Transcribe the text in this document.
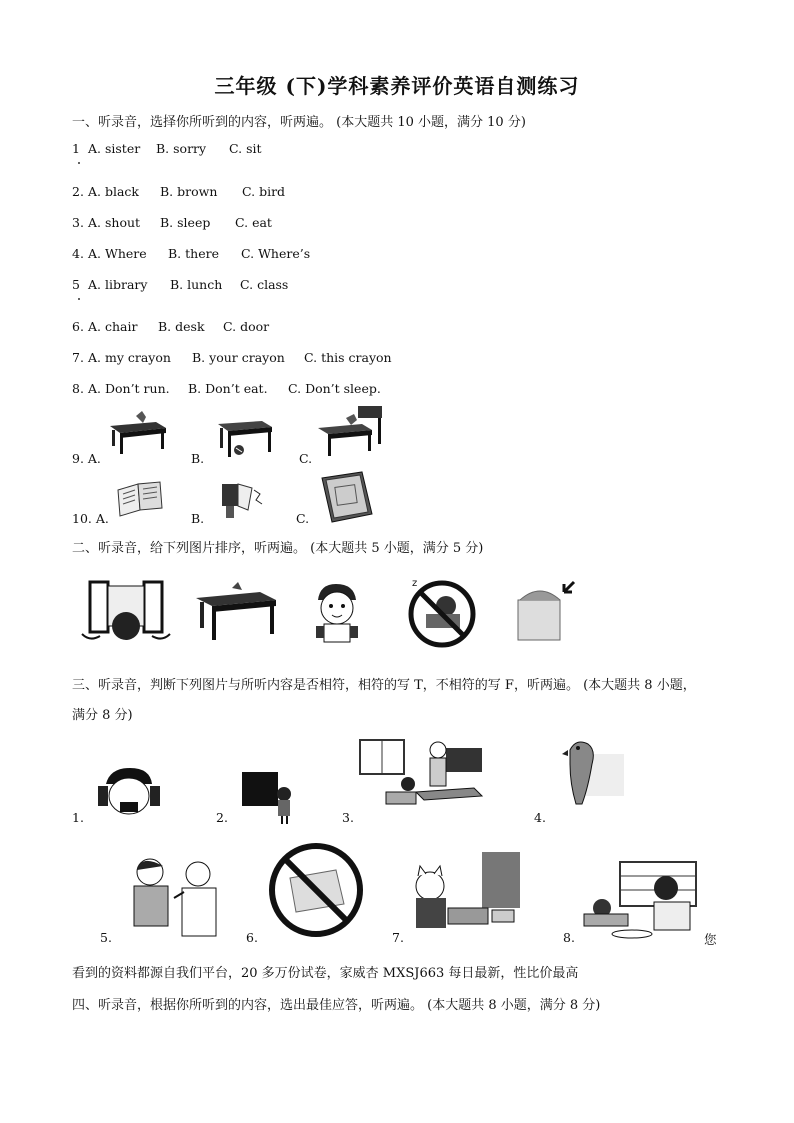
三年级 (下)学科素养评价英语自测练习
一、听录音，选择你所听到的内容，听两遍。 (本大题共 10 小题，满分 10 分)
1 A. sister B. sorry C. sit
2. A. black B. brown C. bird
3. A. shout B. sleep C. eat
4. A. Where B. there C. Where’s
5 A. library B. lunch C. class
6. A. chair B. desk C. door
7. A. my crayon B. your crayon C. this crayon
8. A. Don’t run. B. Don’t eat. C. Don’t sleep.
9. A.	B.	C.
10. A.	B.	C.
二、听录音，给下列图片排序，听两遍。 (本大题共 5 小题，满分 5 分)
z
三、听录音，判断下列图片与所听内容是否相符，相符的写 T，不相符的写 F，听两遍。 (本大题共 8 小题，
满分 8 分)
1.	2.	3.	4.
5.	6.	7.	8.	您
看到的资料都源自我们平台，20 多万份试卷，家威杏 MXSJ663 每日最新，性比价最高
四、听录音，根据你所听到的内容，选出最佳应答，听两遍。 (本大题共 8 小题，满分 8 分)
